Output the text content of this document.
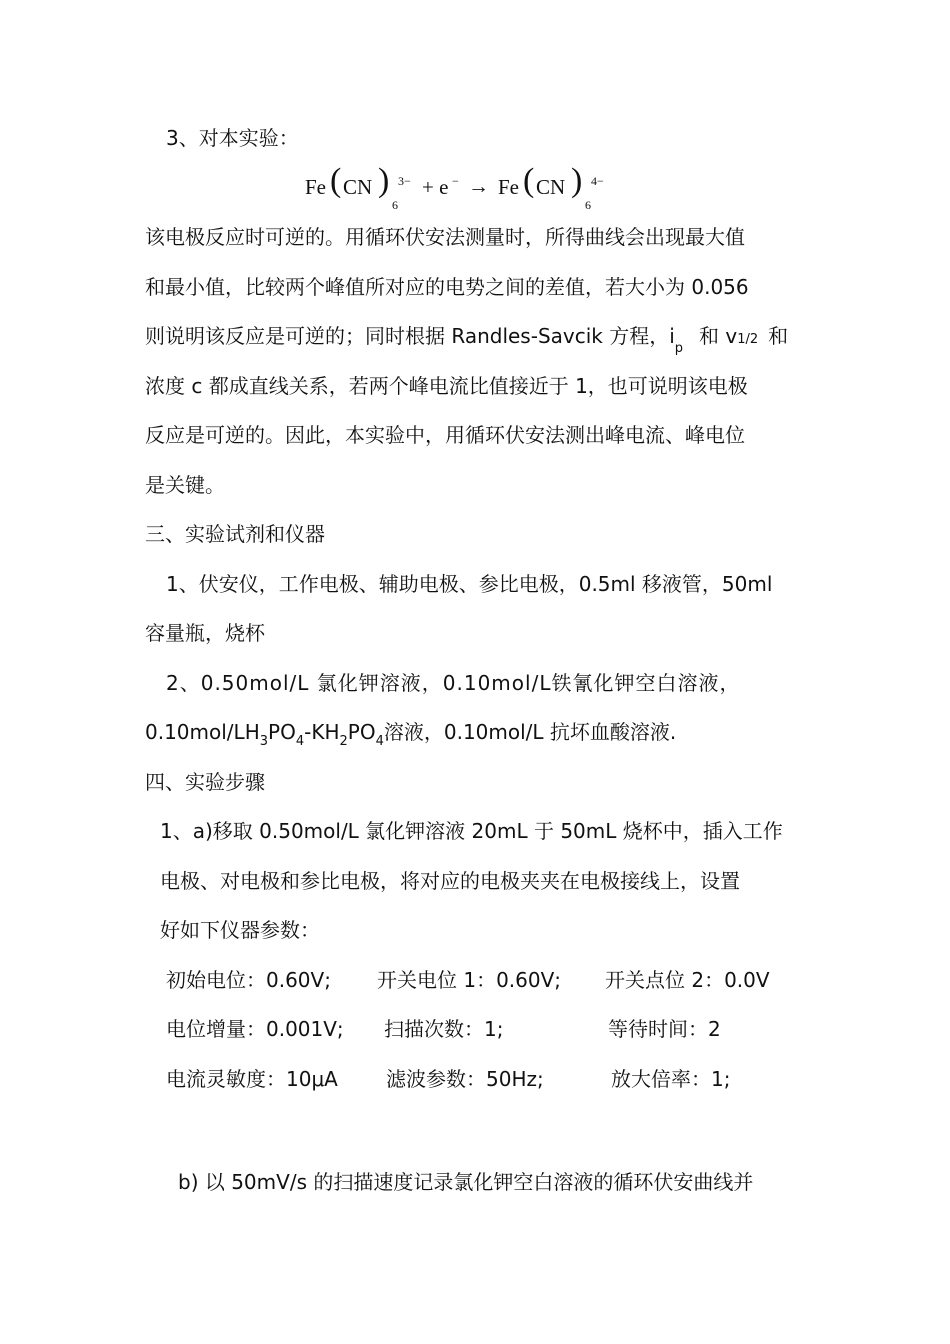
3、对本实验：
Fe ( CN ) 3−
6
+ e − → Fe ( CN ) 4−
6
该电极反应时可逆的。用循环伏安法测量时，所得曲线会出现最大值
和最小值，比较两个峰值所对应的电势之间的差值，若大小为 0.056
则说明该反应是可逆的；同时根据 Randles-Savcik 方程，$i_p$和 v1/2 和
浓度 c 都成直线关系，若两个峰电流比值接近于 1，也可说明该电极
反应是可逆的。因此，本实验中，用循环伏安法测出峰电流、峰电位
是关键。
三、实验试剂和仪器
1、伏安仪，工作电极、辅助电极、参比电极，0.5ml 移液管，50ml
容量瓶，烧杯
2、0.50mol/L 氯化钾溶液，0.10mol/L铁氰化钾空白溶液，
$0.10mol/LH_3PO_4-KH_2PO_4$溶液，0.10mol/L 抗坏血酸溶液.
四、实验步骤
1、a)移取 0.50mol/L 氯化钾溶液 20mL 于 50mL 烧杯中，插入工作
电极、对电极和参比电极，将对应的电极夹夹在电极接线上，设置
好如下仪器参数：
初始电位：0.60V; 开关电位 1：0.60V; 开关点位 2：0.0V
电位增量：0.001V; 扫描次数：1;	等待时间：2
电流灵敏度：10μA 滤波参数：50Hz;	放大倍率：1;
b) 以 50mV/s 的扫描速度记录氯化钾空白溶液的循环伏安曲线并
